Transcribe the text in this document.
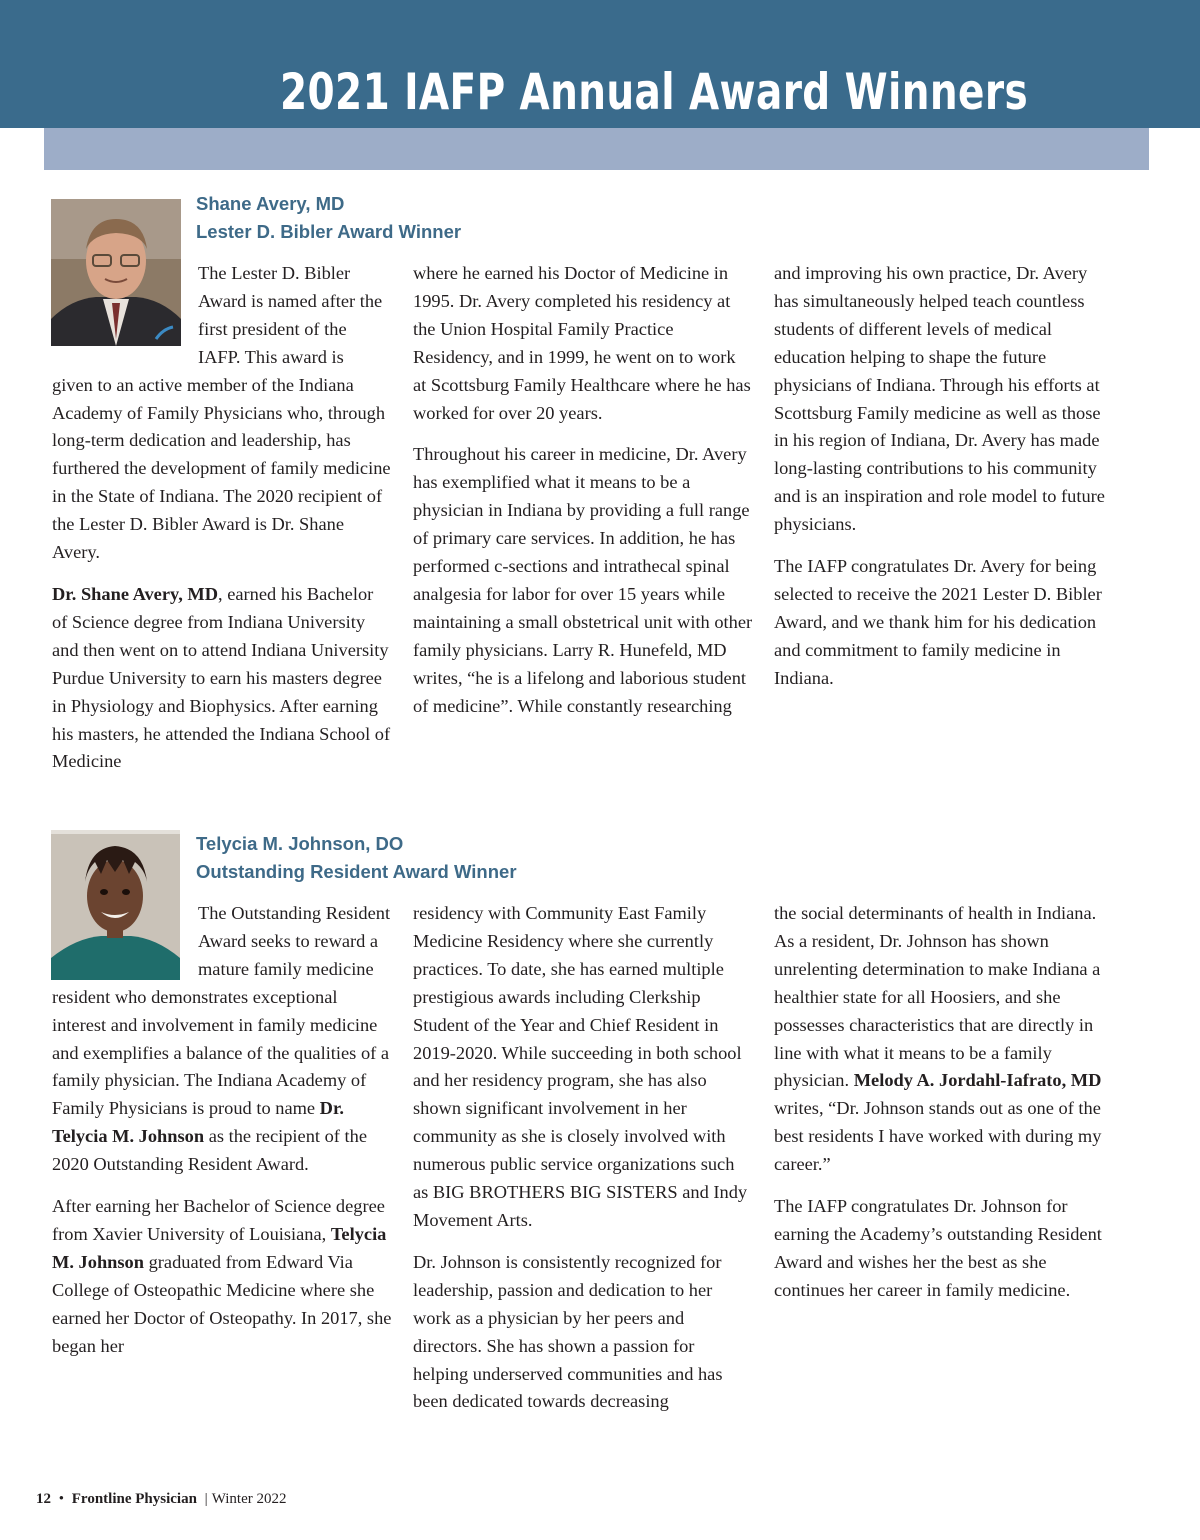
2021 IAFP Annual Award Winners
Shane Avery, MD
Lester D. Bibler Award Winner

The Lester D. Bibler Award is named after the first president of the IAFP. This award is
given to an active member of the Indiana Academy of Family Physicians who, through long-term dedication and leadership, has furthered the development of family medicine in the State of Indiana. The 2020 recipient of the Lester D. Bibler Award is Dr. Shane Avery.

Dr. Shane Avery, MD, earned his Bachelor of Science degree from Indiana University and then went on to attend Indiana University Purdue University to earn his masters degree in Physiology and Biophysics. After earning his masters, he attended the Indiana School of Medicine

where he earned his Doctor of Medicine in 1995. Dr. Avery completed his residency at the Union Hospital Family Practice Residency, and in 1999, he went on to work at Scottsburg Family Healthcare where he has worked for over 20 years.

Throughout his career in medicine, Dr. Avery has exemplified what it means to be a physician in Indiana by providing a full range of primary care services. In addition, he has performed c-sections and intrathecal spinal analgesia for labor for over 15 years while maintaining a small obstetrical unit with other family physicians. Larry R. Hunefeld, MD writes, “he is a lifelong and laborious student of medicine”. While constantly researching

and improving his own practice, Dr. Avery has simultaneously helped teach countless students of different levels of medical education helping to shape the future physicians of Indiana. Through his efforts at Scottsburg Family medicine as well as those in his region of Indiana, Dr. Avery has made long-lasting contributions to his community and is an inspiration and role model to future physicians.

The IAFP congratulates Dr. Avery for being selected to receive the 2021 Lester D. Bibler Award, and we thank him for his dedication and commitment to family medicine in Indiana.

Telycia M. Johnson, DO
Outstanding Resident Award Winner

The Outstanding Resident Award seeks to reward a mature family medicine
resident who demonstrates exceptional interest and involvement in family medicine and exemplifies a balance of the qualities of a family physician. The Indiana Academy of Family Physicians is proud to name Dr. Telycia M. Johnson as the recipient of the 2020 Outstanding Resident Award.

After earning her Bachelor of Science degree from Xavier University of Louisiana, Telycia M. Johnson graduated from Edward Via College of Osteopathic Medicine where she earned her Doctor of Osteopathy. In 2017, she began her

residency with Community East Family Medicine Residency where she currently practices. To date, she has earned multiple prestigious awards including Clerkship Student of the Year and Chief Resident in 2019-2020. While succeeding in both school and her residency program, she has also shown significant involvement in her community as she is closely involved with numerous public service organizations such as BIG BROTHERS BIG SISTERS and Indy Movement Arts.

Dr. Johnson is consistently recognized for leadership, passion and dedication to her work as a physician by her peers and directors. She has shown a passion for helping underserved communities and has been dedicated towards decreasing

the social determinants of health in Indiana. As a resident, Dr. Johnson has shown unrelenting determination to make Indiana a healthier state for all Hoosiers, and she possesses characteristics that are directly in line with what it means to be a family physician. Melody A. Jordahl-Iafrato, MD writes, “Dr. Johnson stands out as one of the best residents I have worked with during my career.”

The IAFP congratulates Dr. Johnson for earning the Academy’s outstanding Resident Award and wishes her the best as she continues her career in family medicine.

12 • Frontline Physician | Winter 2022
